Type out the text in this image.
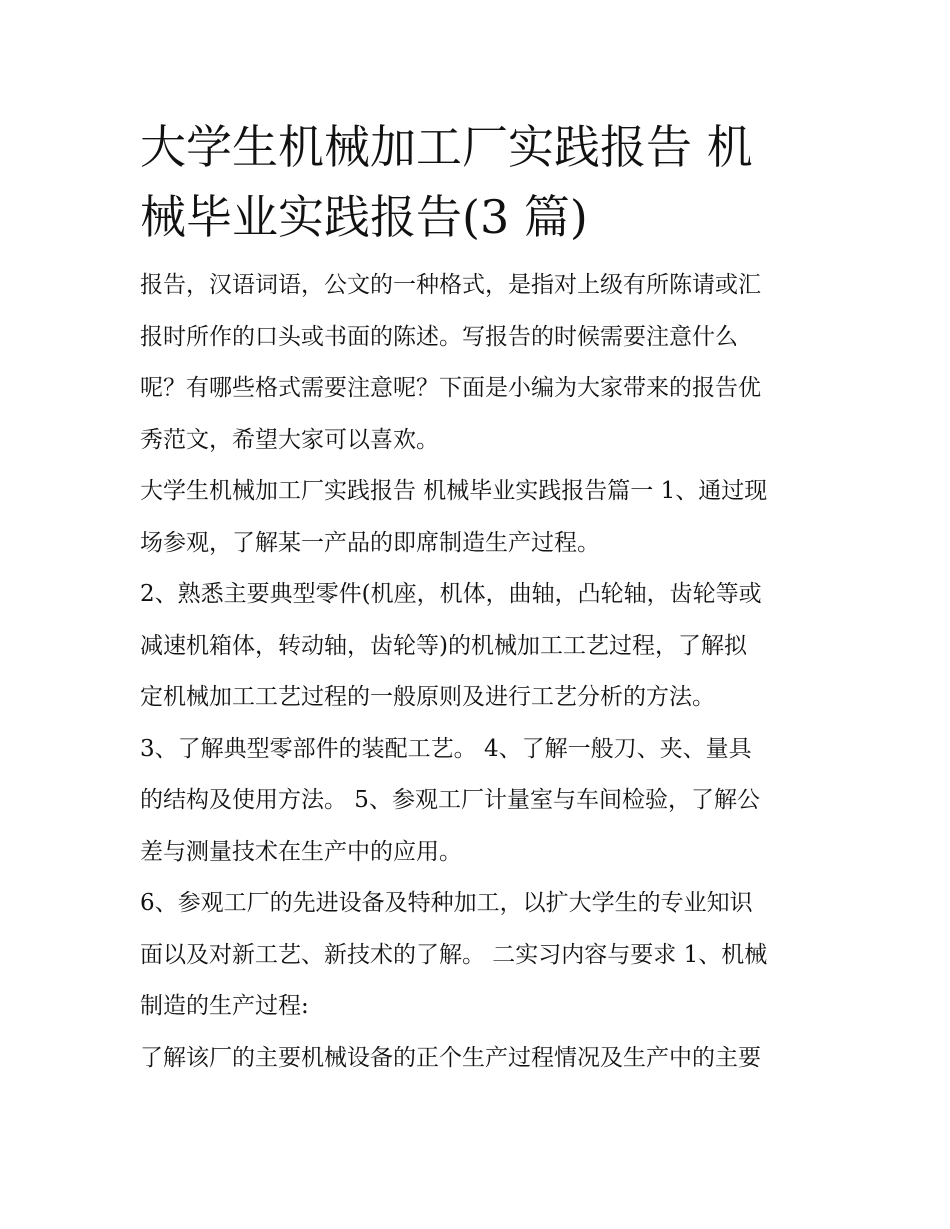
大学生机械加工厂实践报告 机
械毕业实践报告(3 篇)

报告，汉语词语，公文的一种格式，是指对上级有所陈请或汇
报时所作的口头或书面的陈述。写报告的时候需要注意什么
呢？有哪些格式需要注意呢？下面是小编为大家带来的报告优
秀范文，希望大家可以喜欢。

大学生机械加工厂实践报告 机械毕业实践报告篇一 1、通过现
场参观，了解某一产品的即席制造生产过程。

2、熟悉主要典型零件(机座，机体，曲轴，凸轮轴，齿轮等或
减速机箱体，转动轴，齿轮等)的机械加工工艺过程，了解拟
定机械加工工艺过程的一般原则及进行工艺分析的方法。

3、了解典型零部件的装配工艺。 4、了解一般刀、夹、量具
的结构及使用方法。 5、参观工厂计量室与车间检验，了解公
差与测量技术在生产中的应用。

6、参观工厂的先进设备及特种加工，以扩大学生的专业知识
面以及对新工艺、新技术的了解。 二实习内容与要求 1、机械
制造的生产过程:

了解该厂的主要机械设备的正个生产过程情况及生产中的主要
